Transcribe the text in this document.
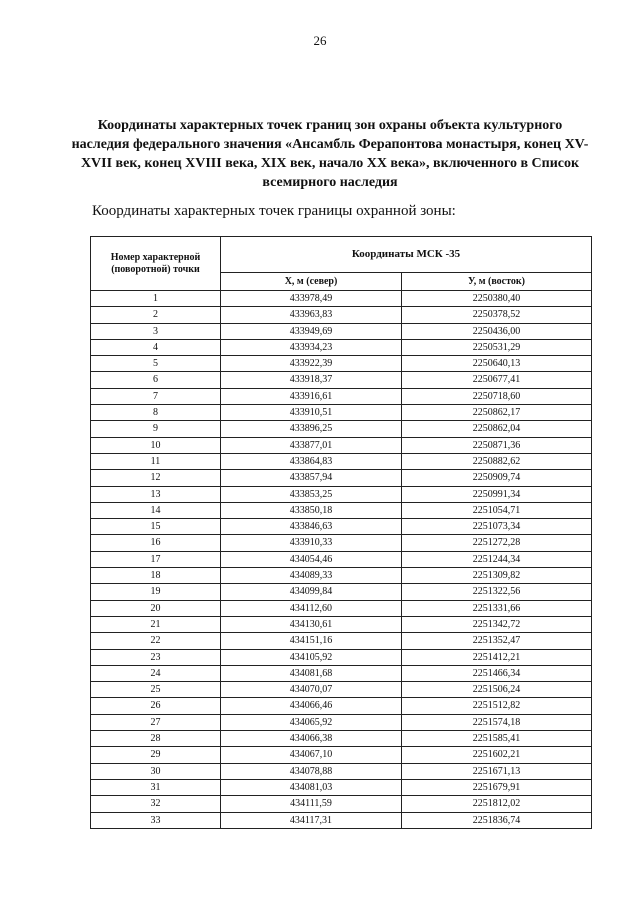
26
Координаты характерных точек границ зон охраны объекта культурного наследия федерального значения «Ансамбль Ферапонтова монастыря, конец XV-XVII век, конец XVIII века, XIX век, начало XX века», включенного в Список всемирного наследия
Координаты характерных точек границы охранной зоны:
Номер характерной (поворотной) точки	Координаты МСК -35	
	Х, м (север)	У, м (восток)
1	433978,49	2250380,40
2	433963,83	2250378,52
3	433949,69	2250436,00
4	433934,23	2250531,29
5	433922,39	2250640,13
6	433918,37	2250677,41
7	433916,61	2250718,60
8	433910,51	2250862,17
9	433896,25	2250862,04
10	433877,01	2250871,36
11	433864,83	2250882,62
12	433857,94	2250909,74
13	433853,25	2250991,34
14	433850,18	2251054,71
15	433846,63	2251073,34
16	433910,33	2251272,28
17	434054,46	2251244,34
18	434089,33	2251309,82
19	434099,84	2251322,56
20	434112,60	2251331,66
21	434130,61	2251342,72
22	434151,16	2251352,47
23	434105,92	2251412,21
24	434081,68	2251466,34
25	434070,07	2251506,24
26	434066,46	2251512,82
27	434065,92	2251574,18
28	434066,38	2251585,41
29	434067,10	2251602,21
30	434078,88	2251671,13
31	434081,03	2251679,91
32	434111,59	2251812,02
33	434117,31	2251836,74
